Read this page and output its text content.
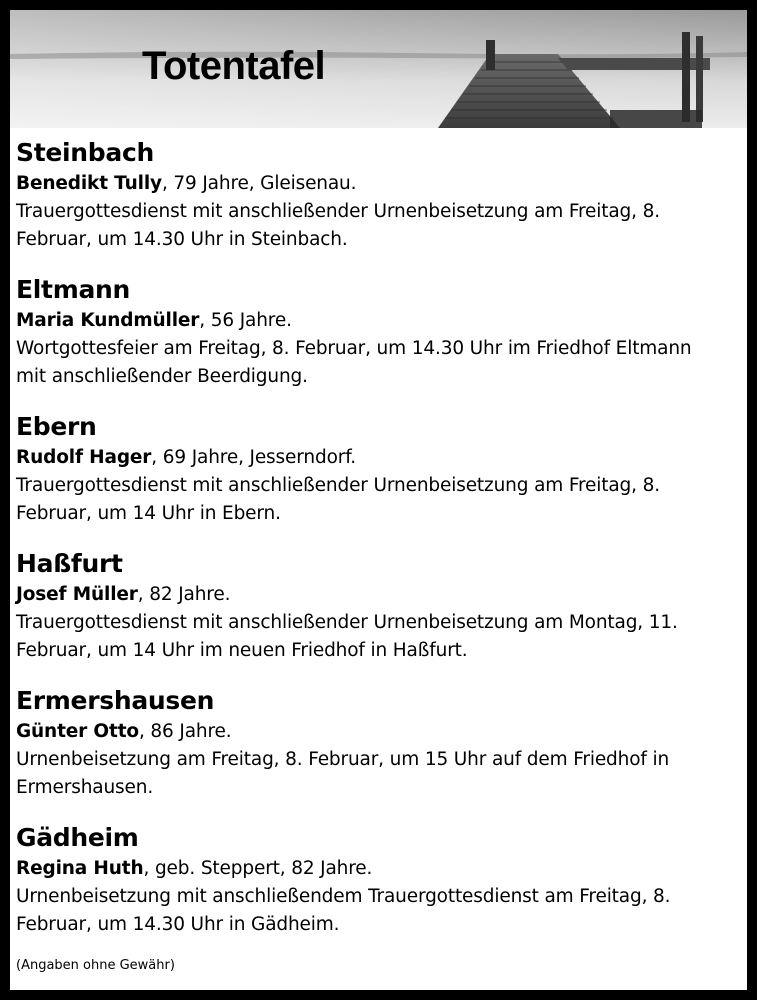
Totentafel
Steinbach
Benedikt Tully, 79 Jahre, Gleisenau.
Trauergottesdienst mit anschließender Urnenbeisetzung am Freitag, 8.
Februar, um 14.30 Uhr in Steinbach.
Eltmann
Maria Kundmüller, 56 Jahre.
Wortgottesfeier am Freitag, 8. Februar, um 14.30 Uhr im Friedhof Eltmann
mit anschließender Beerdigung.
Ebern
Rudolf Hager, 69 Jahre, Jesserndorf.
Trauergottesdienst mit anschließender Urnenbeisetzung am Freitag, 8.
Februar, um 14 Uhr in Ebern.
Haßfurt
Josef Müller, 82 Jahre.
Trauergottesdienst mit anschließender Urnenbeisetzung am Montag, 11.
Februar, um 14 Uhr im neuen Friedhof in Haßfurt.
Ermershausen
Günter Otto, 86 Jahre.
Urnenbeisetzung am Freitag, 8. Februar, um 15 Uhr auf dem Friedhof in
Ermershausen.
Gädheim
Regina Huth, geb. Steppert, 82 Jahre.
Urnenbeisetzung mit anschließendem Trauergottesdienst am Freitag, 8.
Februar, um 14.30 Uhr in Gädheim.
(Angaben ohne Gewähr)
